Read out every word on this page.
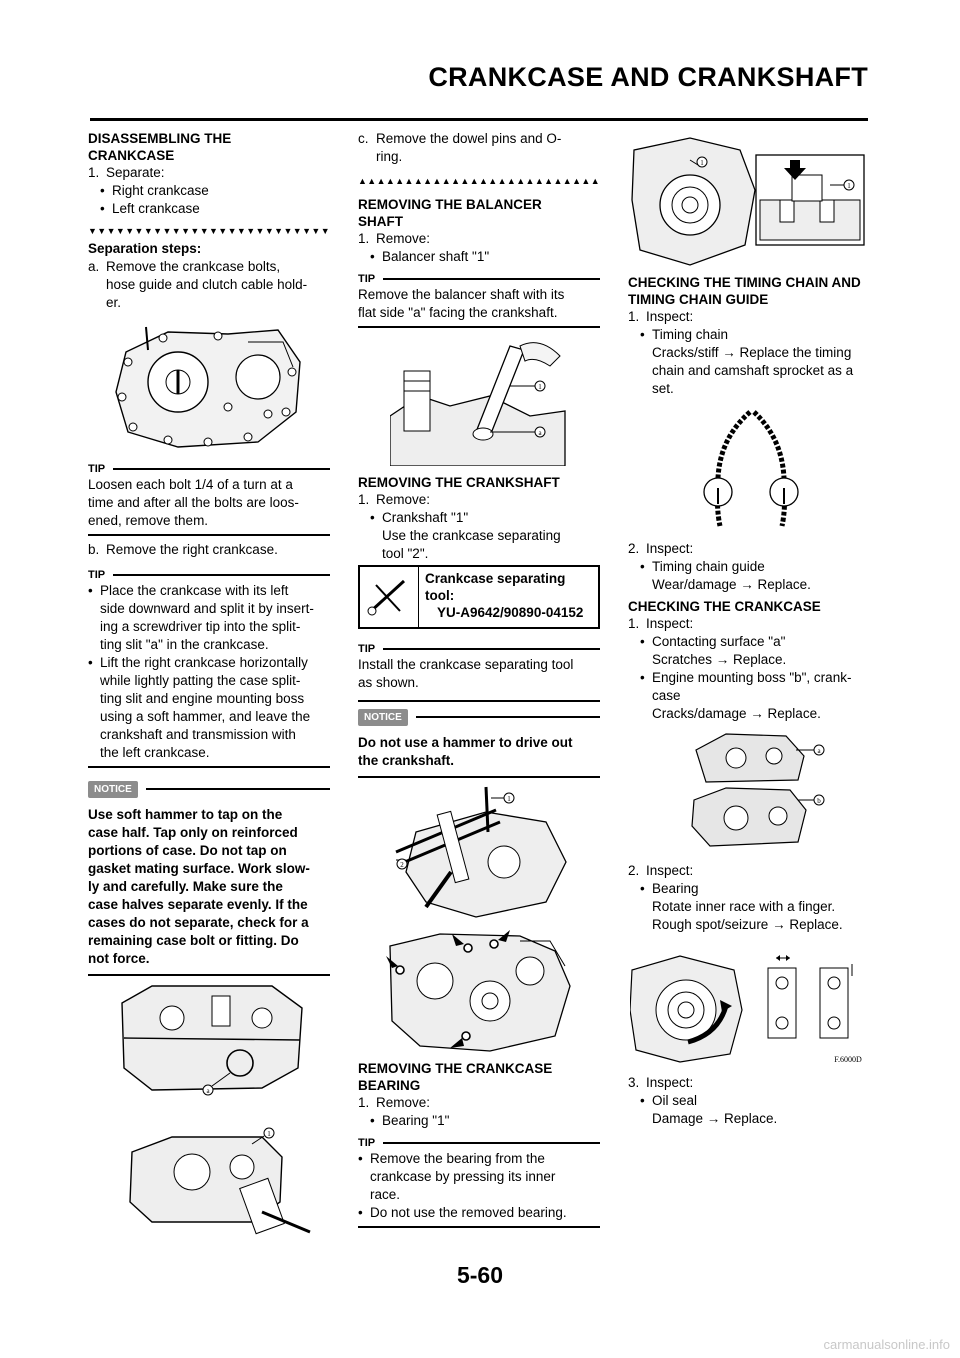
CRANKCASE AND CRANKSHAFT
DISASSEMBLING THE CRANKCASE
1. Separate:
• Right crankcase
• Left crankcase
▼▼▼▼▼▼▼▼▼▼▼▼▼▼▼▼▼▼▼▼▼▼▼▼▼▼
Separation steps:
a. Remove the crankcase bolts,
hose guide and clutch cable hold-
er.
TIP
Loosen each bolt 1/4 of a turn at a
time and after all the bolts are loos-
ened, remove them.
b. Remove the right crankcase.
TIP
• Place the crankcase with its left
side downward and split it by insert-
ing a screwdriver tip into the split-
ting slit "a" in the crankcase.
• Lift the right crankcase horizontally
while lightly patting the case split-
ting slit and engine mounting boss
using a soft hammer, and leave the
crankshaft and transmission with
the left crankcase.
NOTICE
Use soft hammer to tap on the
case half. Tap only on reinforced
portions of case. Do not tap on
gasket mating surface. Work slow-
ly and carefully. Make sure the
case halves separate evenly. If the
cases do not separate, check for a
remaining case bolt or fitting. Do
not force.
a
1
c. Remove the dowel pins and O-
ring.
▲▲▲▲▲▲▲▲▲▲▲▲▲▲▲▲▲▲▲▲▲▲▲▲▲▲
REMOVING THE BALANCER SHAFT
1. Remove:
• Balancer shaft "1"
TIP
Remove the balancer shaft with its
flat side "a" facing the crankshaft.
1
a
REMOVING THE CRANKSHAFT
1. Remove:
• Crankshaft "1"
Use the crankcase separating
tool "2".
Crankcase separating
tool:
YU-A9642/90890-04152
TIP
Install the crankcase separating tool
as shown.
NOTICE
Do not use a hammer to drive out
the crankshaft.
1
2
REMOVING THE CRANKCASE BEARING
1. Remove:
• Bearing "1"
TIP
• Remove the bearing from the
crankcase by pressing its inner
race.
• Do not use the removed bearing.
1
1
CHECKING THE TIMING CHAIN AND TIMING CHAIN GUIDE
1. Inspect:
• Timing chain
Cracks/stiff → Replace the timing
chain and camshaft sprocket as a
set.
2. Inspect:
• Timing chain guide
Wear/damage → Replace.
CHECKING THE CRANKCASE
1. Inspect:
• Contacting surface "a"
Scratches → Replace.
• Engine mounting boss "b", crank-
case
Cracks/damage → Replace.
a
b
2. Inspect:
• Bearing
Rotate inner race with a finger.
Rough spot/seizure → Replace.
F.6000D
3. Inspect:
• Oil seal
Damage → Replace.
5-60
carmanualsonline.info
